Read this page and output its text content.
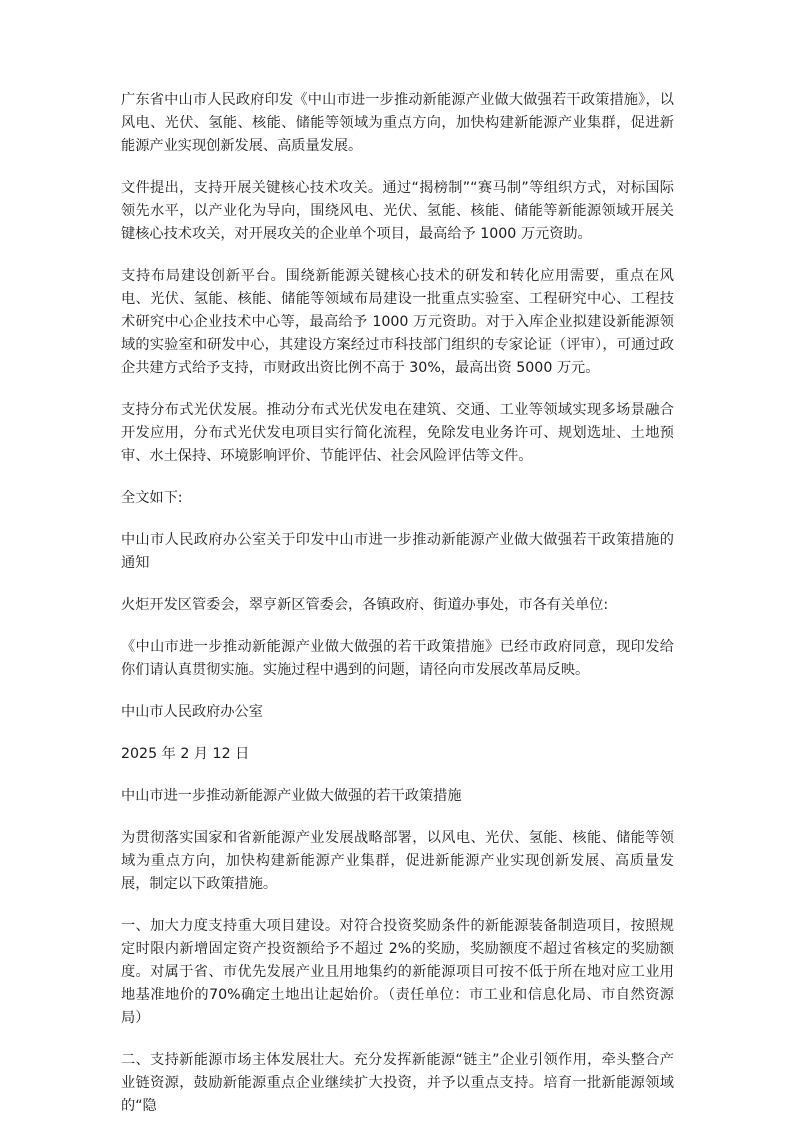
广东省中山市人民政府印发《中山市进一步推动新能源产业做大做强若干政策措施》，以风电、光伏、氢能、核能、储能等领域为重点方向，加快构建新能源产业集群，促进新能源产业实现创新发展、高质量发展。

文件提出，支持开展关键核心技术攻关。通过“揭榜制”“赛马制”等组织方式，对标国际领先水平，以产业化为导向，围绕风电、光伏、氢能、核能、储能等新能源领域开展关键核心技术攻关，对开展攻关的企业单个项目，最高给予 1000 万元资助。

支持布局建设创新平台。围绕新能源关键核心技术的研发和转化应用需要，重点在风电、光伏、氢能、核能、储能等领域布局建设一批重点实验室、工程研究中心、工程技术研究中心企业技术中心等，最高给予 1000 万元资助。对于入库企业拟建设新能源领域的实验室和研发中心，其建设方案经过市科技部门组织的专家论证（评审），可通过政企共建方式给予支持，市财政出资比例不高于 30%，最高出资 5000 万元。

支持分布式光伏发展。推动分布式光伏发电在建筑、交通、工业等领域实现多场景融合开发应用，分布式光伏发电项目实行简化流程，免除发电业务许可、规划选址、土地预审、水土保持、环境影响评价、节能评估、社会风险评估等文件。

全文如下:

中山市人民政府办公室关于印发中山市进一步推动新能源产业做大做强若干政策措施的通知

火炬开发区管委会，翠亨新区管委会，各镇政府、街道办事处，市各有关单位:

《中山市进一步推动新能源产业做大做强的若干政策措施》已经市政府同意，现印发给你们请认真贯彻实施。实施过程中遇到的问题，请径向市发展改革局反映。

中山市人民政府办公室

2025 年 2 月 12 日

中山市进一步推动新能源产业做大做强的若干政策措施

为贯彻落实国家和省新能源产业发展战略部署，以风电、光伏、氢能、核能、储能等领域为重点方向，加快构建新能源产业集群，促进新能源产业实现创新发展、高质量发展，制定以下政策措施。

一、加大力度支持重大项目建设。对符合投资奖励条件的新能源装备制造项目，按照规定时限内新增固定资产投资额给予不超过 2%的奖励，奖励额度不超过省核定的奖励额度。对属于省、市优先发展产业且用地集约的新能源项目可按不低于所在地对应工业用地基准地价的70%确定土地出让起始价。（责任单位：市工业和信息化局、市自然资源局）

二、支持新能源市场主体发展壮大。充分发挥新能源“链主”企业引领作用，牵头整合产业链资源，鼓励新能源重点企业继续扩大投资，并予以重点支持。培育一批新能源领域的“隐
